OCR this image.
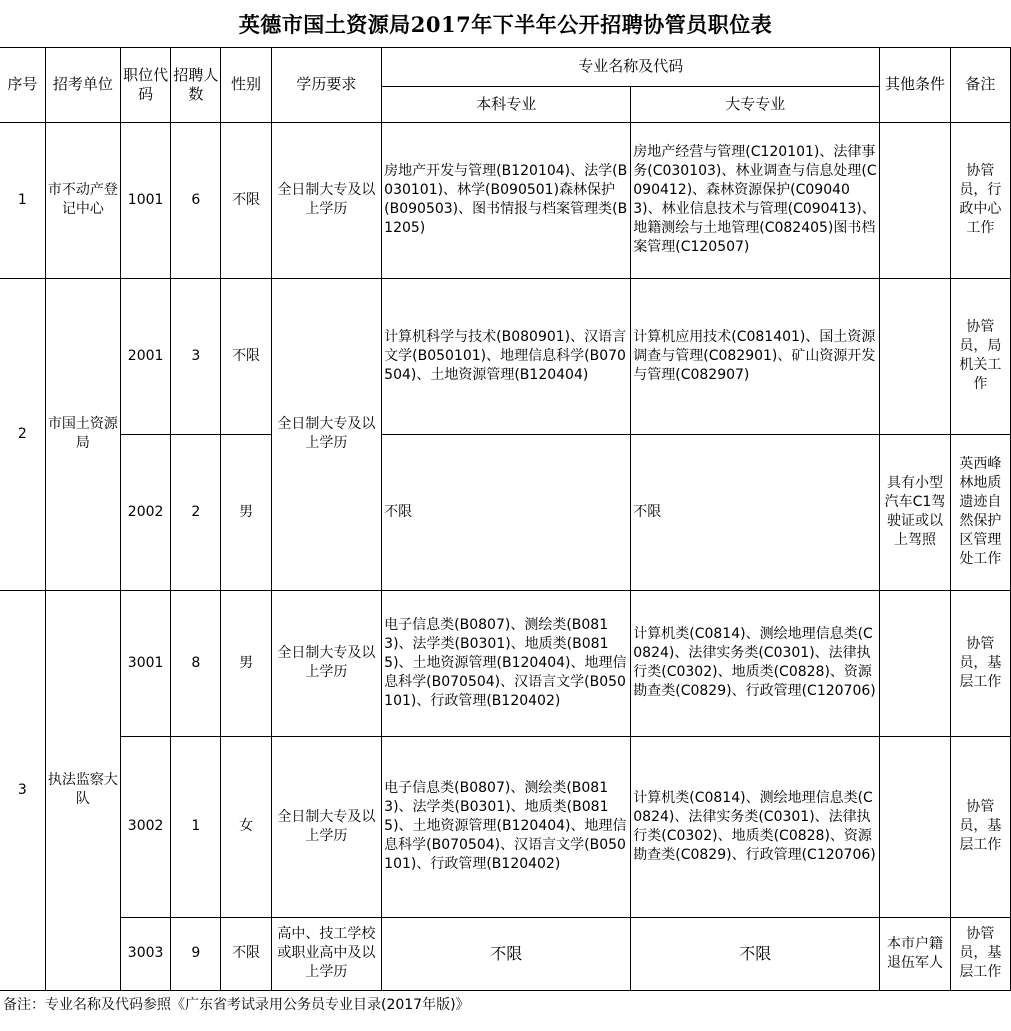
英德市国土资源局2017年下半年公开招聘协管员职位表
序号	招考单位	职位代码	招聘人数	性别	学历要求	专业名称及代码		其他条件	备注
						本科专业	大专专业		
1	市不动产登记中心	1001	6	不限	全日制大专及以上学历	房地产开发与管理(B120104)、法学(B030101)、林学(B090501)森林保护(B090503)、图书情报与档案管理类(B1205)	房地产经营与管理(C120101)、法律事务(C030103)、林业调查与信息处理(C090412)、森林资源保护(C090403)、林业信息技术与管理(C090413)、地籍测绘与土地管理(C082405)图书档案管理(C120507)		协管员，行政中心工作
2	市国土资源局	2001	3	不限	全日制大专及以上学历	计算机科学与技术(B080901)、汉语言文学(B050101)、地理信息科学(B070504)、土地资源管理(B120404)	计算机应用技术(C081401)、国土资源调查与管理(C082901)、矿山资源开发与管理(C082907)		协管员，局机关工作
		2002	2	男		不限	不限	具有小型汽车C1驾驶证或以上驾照	英西峰林地质遗迹自然保护区管理处工作
3	执法监察大队	3001	8	男	全日制大专及以上学历	电子信息类(B0807)、测绘类(B0813)、法学类(B0301)、地质类(B0815)、土地资源管理(B120404)、地理信息科学(B070504)、汉语言文学(B050101)、行政管理(B120402)	计算机类(C0814)、测绘地理信息类(C0824)、法律实务类(C0301)、法律执行类(C0302)、地质类(C0828)、资源勘查类(C0829)、行政管理(C120706)		协管员，基层工作
		3002	1	女	全日制大专及以上学历	电子信息类(B0807)、测绘类(B0813)、法学类(B0301)、地质类(B0815)、土地资源管理(B120404)、地理信息科学(B070504)、汉语言文学(B050101)、行政管理(B120402)	计算机类(C0814)、测绘地理信息类(C0824)、法律实务类(C0301)、法律执行类(C0302)、地质类(C0828)、资源勘查类(C0829)、行政管理(C120706)		协管员，基层工作
		3003	9	不限	高中、技工学校或职业高中及以上学历	不限	不限	本市户籍退伍军人	协管员，基层工作
备注：专业名称及代码参照《广东省考试录用公务员专业目录(2017年版)》
